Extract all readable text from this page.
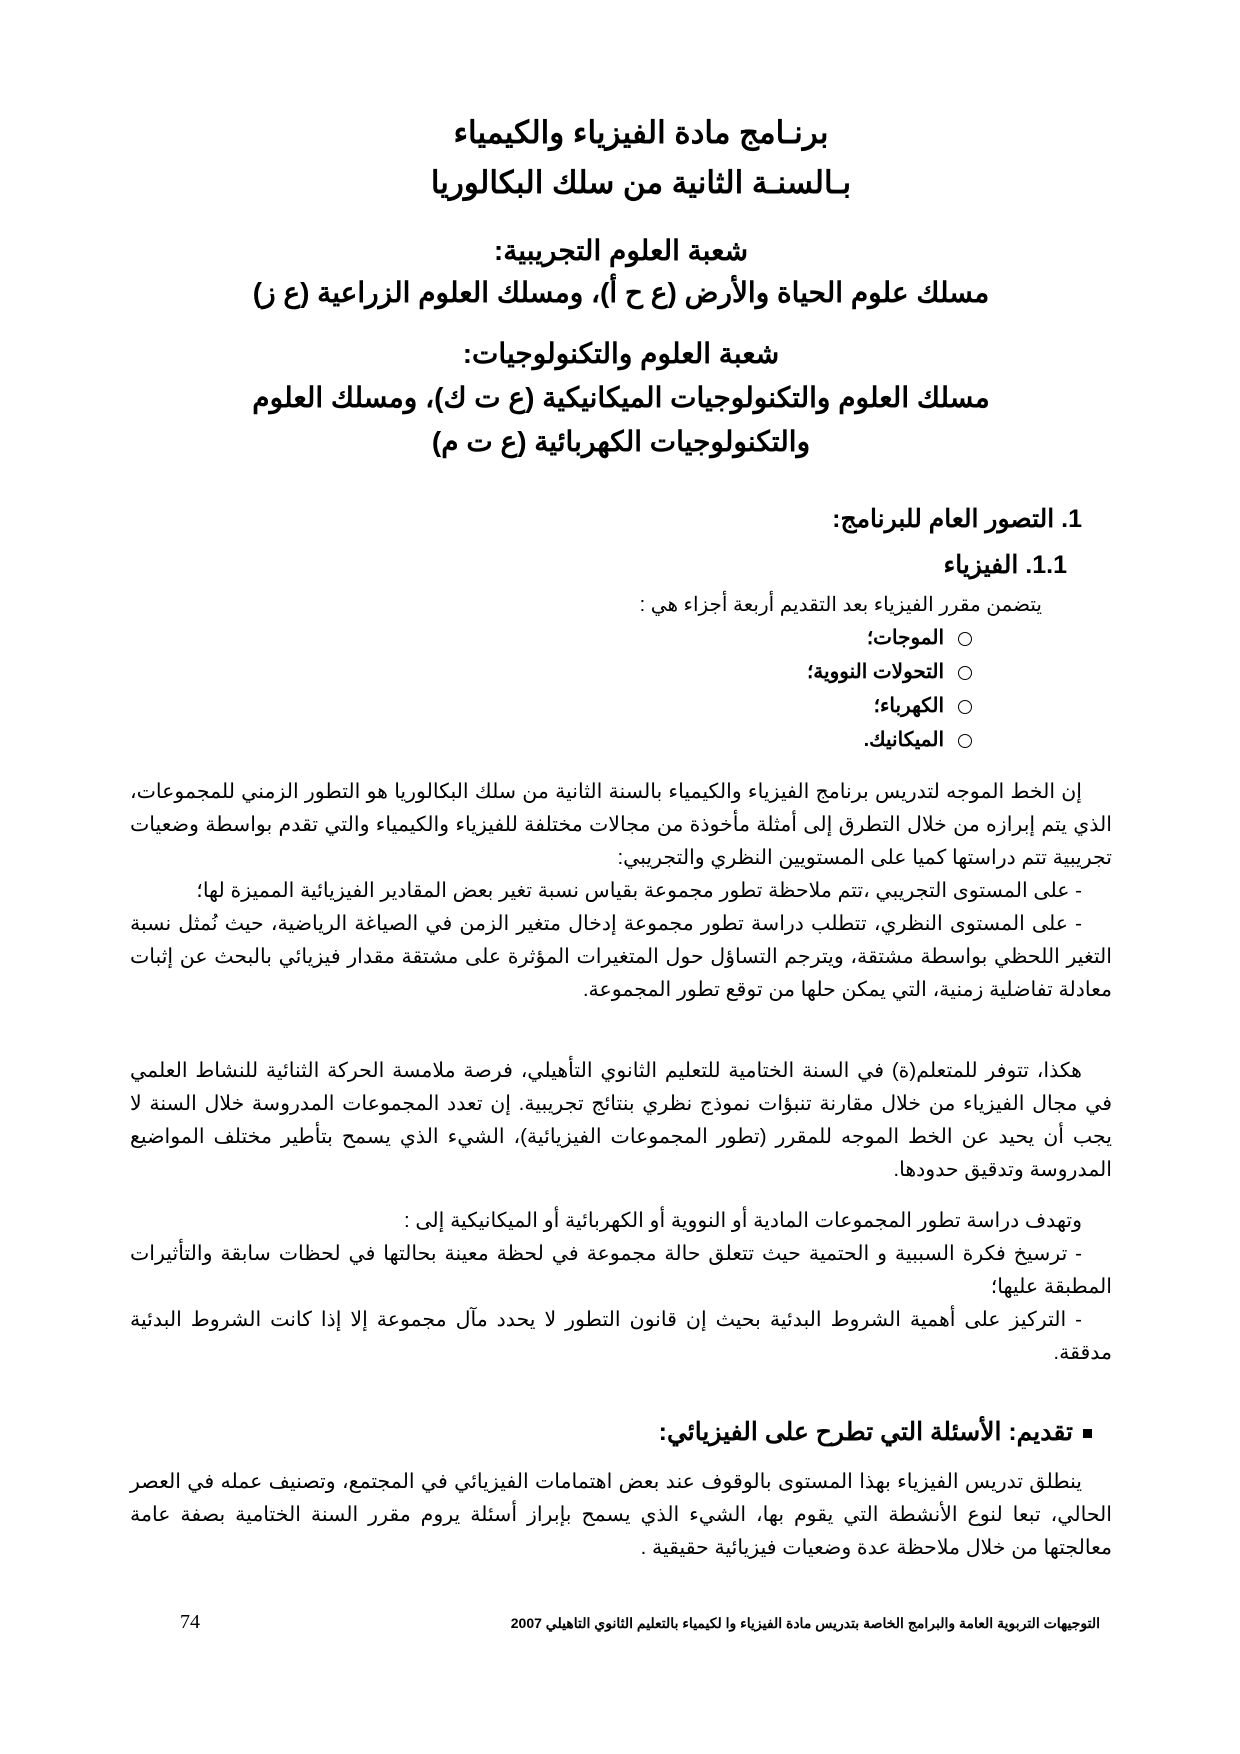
برنـامج مادة الفيزياء والكيمياء
بـالسنـة الثانية من سلك البكالوريا
شعبة العلوم التجريبية:
مسلك علوم الحياة والأرض (ع ح أ)، ومسلك العلوم الزراعية (ع ز)
شعبة العلوم والتكنولوجيات:
مسلك العلوم والتكنولوجيات الميكانيكية (ع ت ك)، ومسلك العلوم
والتكنولوجيات الكهربائية (ع ت م)
1. التصور العام للبرنامج:
1.1. الفيزياء
يتضمن مقرر الفيزياء بعد التقديم أربعة أجزاء هي :
الموجات؛
التحولات النووية؛
الكهرباء؛
الميكانيك.

إن الخط الموجه لتدريس برنامج الفيزياء والكيمياء بالسنة الثانية من سلك البكالوريا هو التطور الزمني للمجموعات، الذي يتم إبرازه من خلال التطرق إلى أمثلة مأخوذة من مجالات مختلفة للفيزياء والكيمياء والتي تقدم بواسطة وضعيات تجريبية تتم دراستها كميا على المستويين النظري والتجريبي:

- على المستوى التجريبي ،تتم ملاحظة تطور مجموعة بقياس نسبة تغير بعض المقادير الفيزيائية المميزة لها؛

- على المستوى النظري، تتطلب دراسة تطور مجموعة إدخال متغير الزمن في الصياغة الرياضية، حيث نُمثل نسبة التغير اللحظي بواسطة مشتقة، ويترجم التساؤل حول المتغيرات المؤثرة على مشتقة مقدار فيزيائي بالبحث عن إثبات معادلة تفاضلية زمنية، التي يمكن حلها من توقع تطور المجموعة.

هكذا، تتوفر للمتعلم(ة) في السنة الختامية للتعليم الثانوي التأهيلي، فرصة ملامسة الحركة الثنائية للنشاط العلمي في مجال الفيزياء من خلال مقارنة تنبؤات نموذج نظري بنتائج تجريبية. إن تعدد المجموعات المدروسة خلال السنة لا يجب أن يحيد عن الخط الموجه للمقرر (تطور المجموعات الفيزيائية)، الشيء الذي يسمح بتأطير مختلف المواضيع المدروسة وتدقيق حدودها.

وتهدف دراسة تطور المجموعات المادية أو النووية أو الكهربائية أو الميكانيكية إلى :

- ترسيخ فكرة السببية و الحتمية حيث تتعلق حالة مجموعة في لحظة معينة بحالتها في لحظات سابقة والتأثيرات المطبقة عليها؛

- التركيز على أهمية الشروط البدئية بحيث إن قانون التطور لا يحدد مآل مجموعة إلا إذا كانت الشروط البدئية مدققة.

تقديم: الأسئلة التي تطرح على الفيزيائي:

ينطلق تدريس الفيزياء بهذا المستوى بالوقوف عند بعض اهتمامات الفيزيائي في المجتمع، وتصنيف عمله في العصر الحالي، تبعا لنوع الأنشطة التي يقوم بها، الشيء الذي يسمح بإبراز أسئلة يروم مقرر السنة الختامية بصفة عامة معالجتها من خلال ملاحظة عدة وضعيات فيزيائية حقيقية .

74	التوجيهات التربوية العامة والبرامج الخاصة بتدريس مادة الفيزياء وا لكيمياء بالتعليم الثانوي التاهيلي 2007
